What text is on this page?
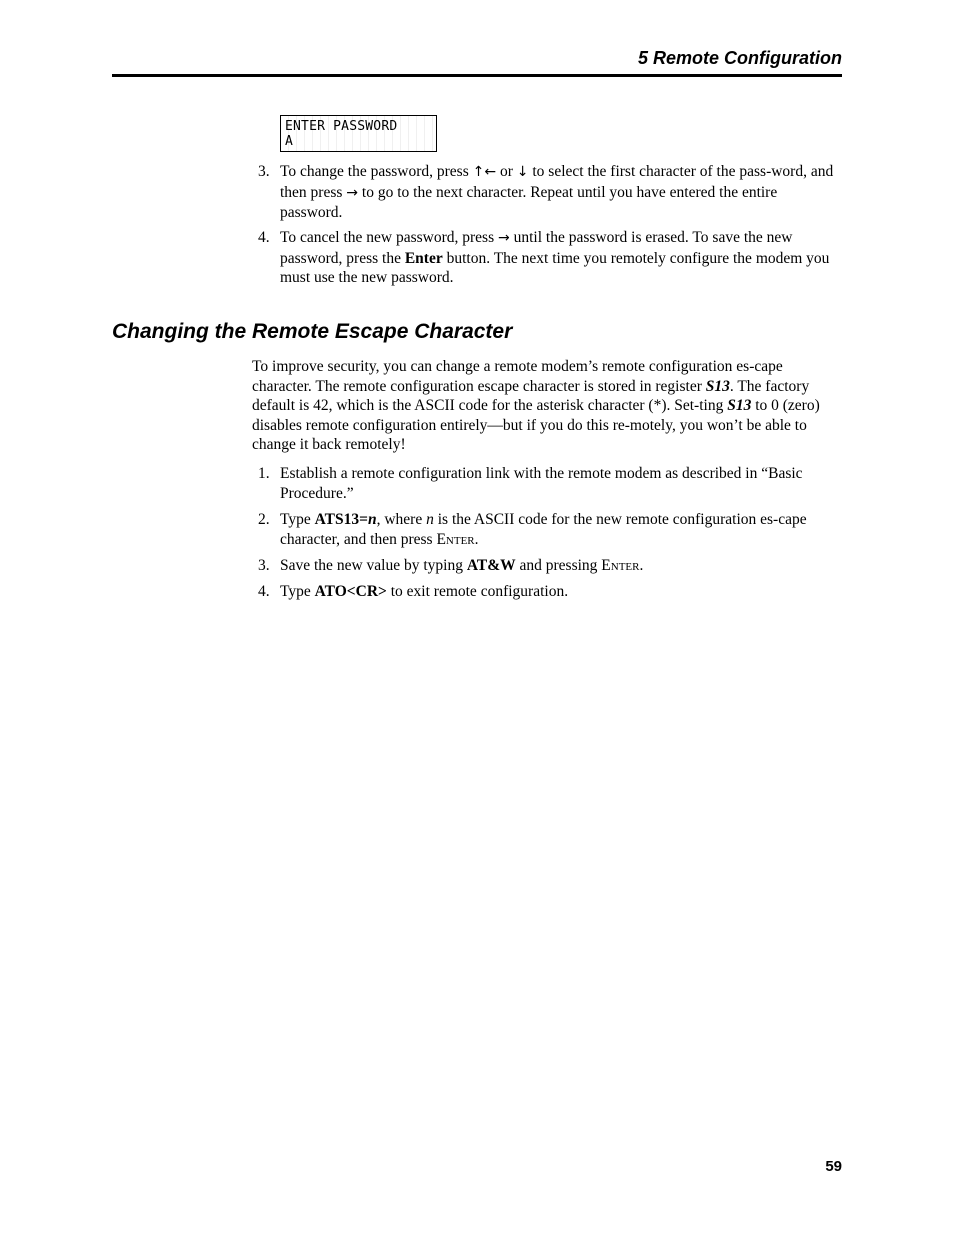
5 Remote Configuration
ENTER PASSWORD
A
3. To change the password, press ↑← or ↓ to select the first character of the pass-word, and then press → to go to the next character. Repeat until you have entered the entire password.
4. To cancel the new password, press → until the password is erased. To save the new password, press the Enter button. The next time you remotely configure the modem you must use the new password.
Changing the Remote Escape Character
To improve security, you can change a remote modem’s remote configuration es-cape character. The remote configuration escape character is stored in register S13. The factory default is 42, which is the ASCII code for the asterisk character (*). Set-ting S13 to 0 (zero) disables remote configuration entirely—but if you do this re-motely, you won’t be able to change it back remotely!
1. Establish a remote configuration link with the remote modem as described in “Basic Procedure.”
2. Type ATS13=n, where n is the ASCII code for the new remote configuration es-cape character, and then press Enter.
3. Save the new value by typing AT&W and pressing Enter.
4. Type ATO<CR> to exit remote configuration.
59
